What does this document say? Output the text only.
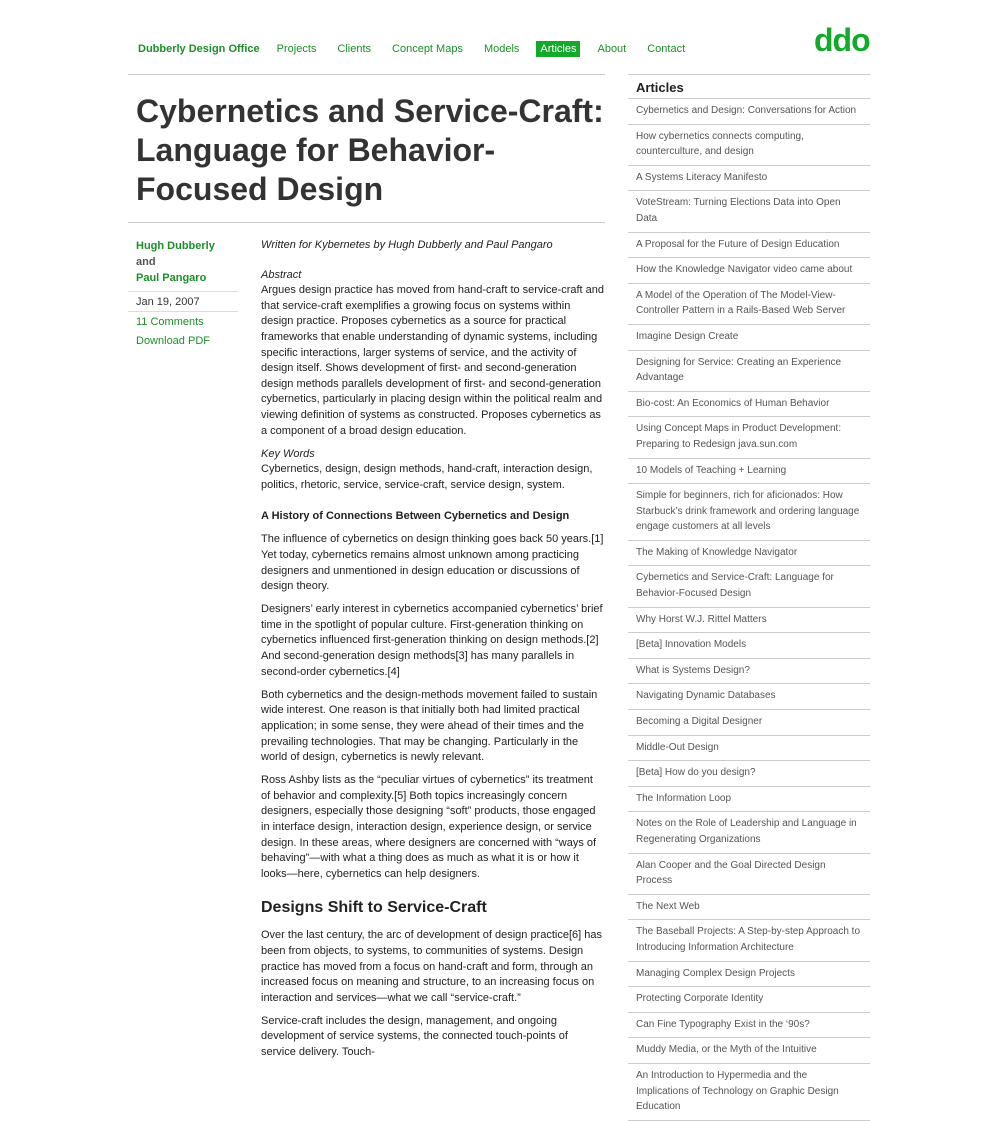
Dubberly Design Office	Projects	Clients	Concept Maps	Models	Articles	About	Contact	ddo
Cybernetics and Service-Craft: Language for Behavior-Focused Design
Hugh Dubberly and
Paul Pangaro
Jan 19, 2007
11 Comments
Download PDF

Written for Kybernetes by Hugh Dubberly and Paul Pangaro

Abstract
Argues design practice has moved from hand-craft to service-craft and that service-craft exemplifies a growing focus on systems within design practice. Proposes cybernetics as a source for practical frameworks that enable understanding of dynamic systems, including specific interactions, larger systems of service, and the activity of design itself. Shows development of first- and second-generation design methods parallels development of first- and second-generation cybernetics, particularly in placing design within the political realm and viewing definition of systems as constructed. Proposes cybernetics as a component of a broad design education.

Key Words
Cybernetics, design, design methods, hand-craft, interaction design, politics, rhetoric, service, service-craft, service design, system.

A History of Connections Between Cybernetics and Design

The influence of cybernetics on design thinking goes back 50 years.[1] Yet today, cybernetics remains almost unknown among practicing designers and unmentioned in design education or discussions of design theory.

Designers’ early interest in cybernetics accompanied cybernetics’ brief time in the spotlight of popular culture. First-generation thinking on cybernetics influenced first-generation thinking on design methods.[2] And second-generation design methods[3] has many parallels in second-order cybernetics.[4]

Both cybernetics and the design-methods movement failed to sustain wide interest. One reason is that initially both had limited practical application; in some sense, they were ahead of their times and the prevailing technologies. That may be changing. Particularly in the world of design, cybernetics is newly relevant.

Ross Ashby lists as the “peculiar virtues of cybernetics” its treatment of behavior and complexity.[5] Both topics increasingly concern designers, especially those designing “soft” products, those engaged in interface design, interaction design, experience design, or service design. In these areas, where designers are concerned with “ways of behaving”—with what a thing does as much as what it is or how it looks—here, cybernetics can help designers.

Designs Shift to Service-Craft

Over the last century, the arc of development of design practice[6] has been from objects, to systems, to communities of systems. Design practice has moved from a focus on hand-craft and form, through an increased focus on meaning and structure, to an increasing focus on interaction and services—what we call “service-craft.”

Service-craft includes the design, management, and ongoing development of service systems, the connected touch-points of service delivery. Touch-

Articles
Cybernetics and Design: Conversations for Action
How cybernetics connects computing, counterculture, and design
A Systems Literacy Manifesto
VoteStream: Turning Elections Data into Open Data
A Proposal for the Future of Design Education
How the Knowledge Navigator video came about
A Model of the Operation of The Model-View-Controller Pattern in a Rails-Based Web Server
Imagine Design Create
Designing for Service: Creating an Experience Advantage
Bio-cost: An Economics of Human Behavior
Using Concept Maps in Product Development: Preparing to Redesign java.sun.com
10 Models of Teaching + Learning
Simple for beginners, rich for aficionados: How Starbuck’s drink framework and ordering language engage customers at all levels
The Making of Knowledge Navigator
Cybernetics and Service-Craft: Language for Behavior-Focused Design
Why Horst W.J. Rittel Matters
[Beta] Innovation Models
What is Systems Design?
Navigating Dynamic Databases
Becoming a Digital Designer
Middle-Out Design
[Beta] How do you design?
The Information Loop
Notes on the Role of Leadership and Language in Regenerating Organizations
Alan Cooper and the Goal Directed Design Process
The Next Web
The Baseball Projects: A Step-by-step Approach to Introducing Information Architecture
Managing Complex Design Projects
Protecting Corporate Identity
Can Fine Typography Exist in the ‘90s?
Muddy Media, or the Myth of the Intuitive
An Introduction to Hypermedia and the Implications of Technology on Graphic Design Education
